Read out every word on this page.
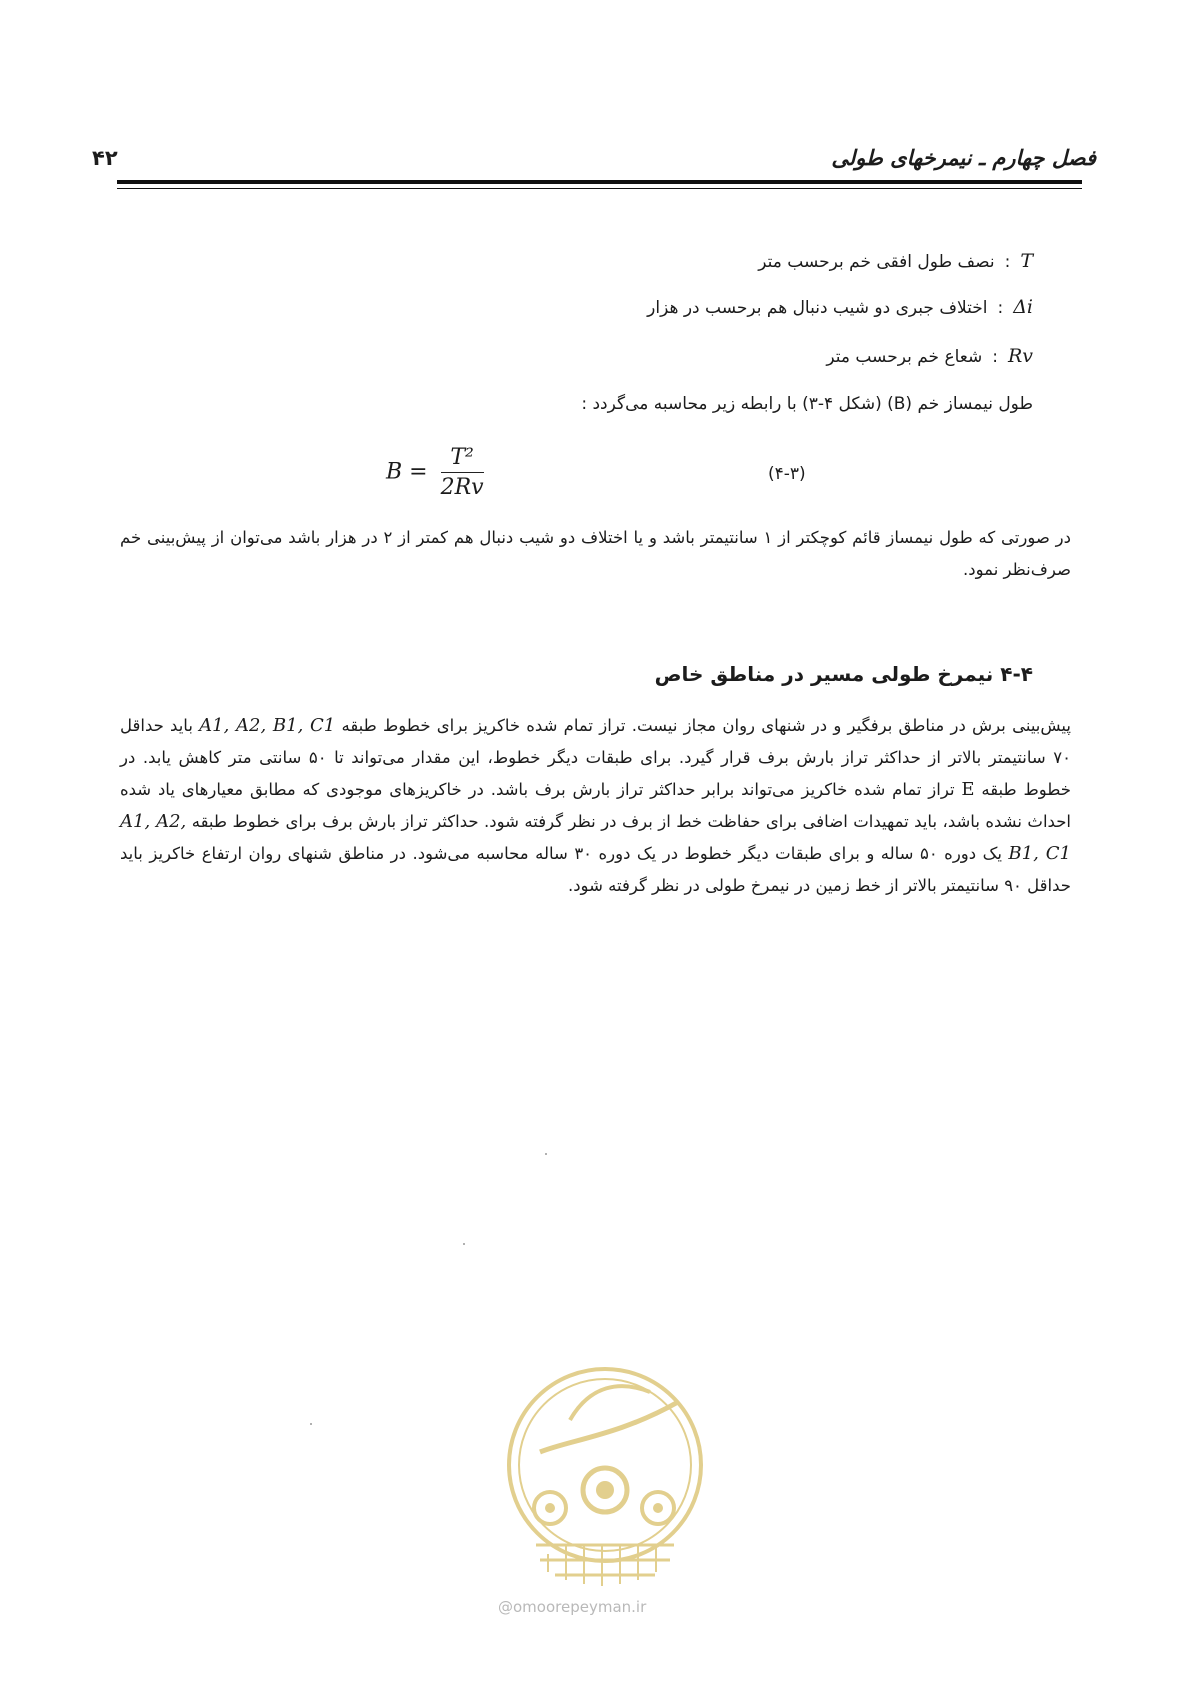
فصل چهارم ـ نیمرخهای طولی
۴۲
T:نصف طول افقی خم برحسب متر
Δi:اختلاف جبری دو شیب دنبال هم برحسب در هزار
Rv:شعاع خم برحسب متر
طول نیمساز خم (B) (شکل ۴-۳) با رابطه زیر محاسبه می‌گردد :
$B = \frac{\text{T²}}{2Rv}$	(۴-۳)
در صورتی که طول نیمساز قائم کوچکتر از ۱ سانتیمتر باشد و یا اختلاف دو شیب دنبال هم کمتر از ۲ در هزار باشد می‌توان از پیش‌بینی خم صرف‌نظر نمود.
۴-۴ نیمرخ طولی مسیر در مناطق خاص
پیش‌بینی برش در مناطق برفگیر و در شنهای روان مجاز نیست. تراز تمام شده خاکریز برای خطوط طبقه A1, A2, B1, C1 باید حداقل ۷۰ سانتیمتر بالاتر از حداکثر تراز بارش برف قرار گیرد. برای طبقات دیگر خطوط، این مقدار می‌تواند تا ۵۰ سانتی متر کاهش یابد. در خطوط طبقه E تراز تمام شده خاکریز می‌تواند برابر حداکثر تراز بارش برف باشد. در خاکریزهای موجودی که مطابق معیارهای یاد شده احداث نشده باشد، باید تمهیدات اضافی برای حفاظت خط از برف در نظر گرفته شود. حداکثر تراز بارش برف برای خطوط طبقه A1, A2, B1, C1 یک دوره ۵۰ ساله و برای طبقات دیگر خطوط در یک دوره ۳۰ ساله محاسبه می‌شود. در مناطق شنهای روان ارتفاع خاکریز باید حداقل ۹۰ سانتیمتر بالاتر از خط زمین در نیمرخ طولی در نظر گرفته شود.
@omoorepeyman.ir
